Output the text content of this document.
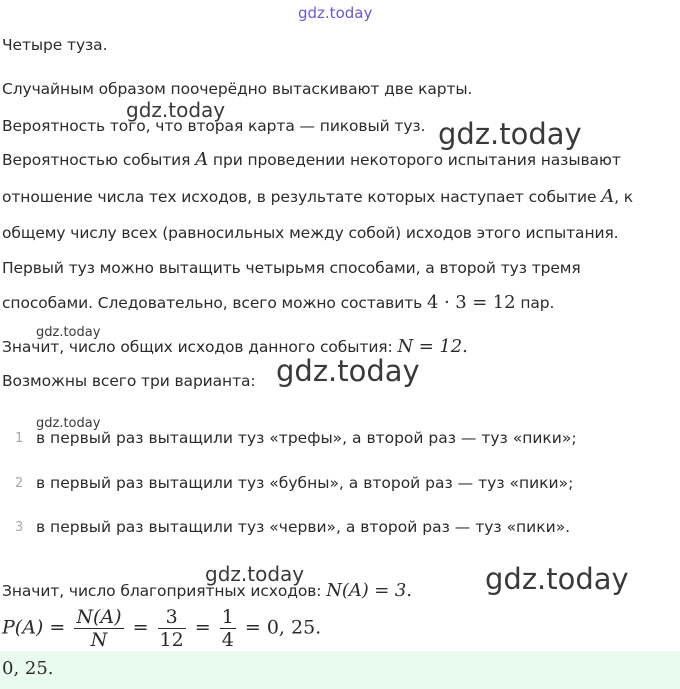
gdz.today
gdz.today
gdz.today
gdz.today
gdz.today
gdz.today
gdz.today	gdz.today
Четыре туза.
Случайным образом поочерёдно вытаскивают две карты.
Вероятность того, что вторая карта — пиковый туз.
Вероятностью события A при проведении некоторого испытания называют
отношение числа тех исходов, в результате которых наступает событие A, к
общему числу всех (равносильных между собой) исходов этого испытания.
Первый туз можно вытащить четырьмя способами, а второй туз тремя
способами. Следовательно, всего можно составить 4 · 3 = 12 пар.
Значит, число общих исходов данного события: N = 12.
Возможны всего три варианта:
1 в первый раз вытащили туз «трефы», а второй раз — туз «пики»;
2 в первый раз вытащили туз «бубны», а второй раз — туз «пики»;
3 в первый раз вытащили туз «черви», а второй раз — туз «пики».
Значит, число благоприятных исходов: N(A) = 3.
$P(A) = \frac{N(A)}{N} = \frac{3}{12} = \frac{1}{4} = 0$, 25.
0, 25.
